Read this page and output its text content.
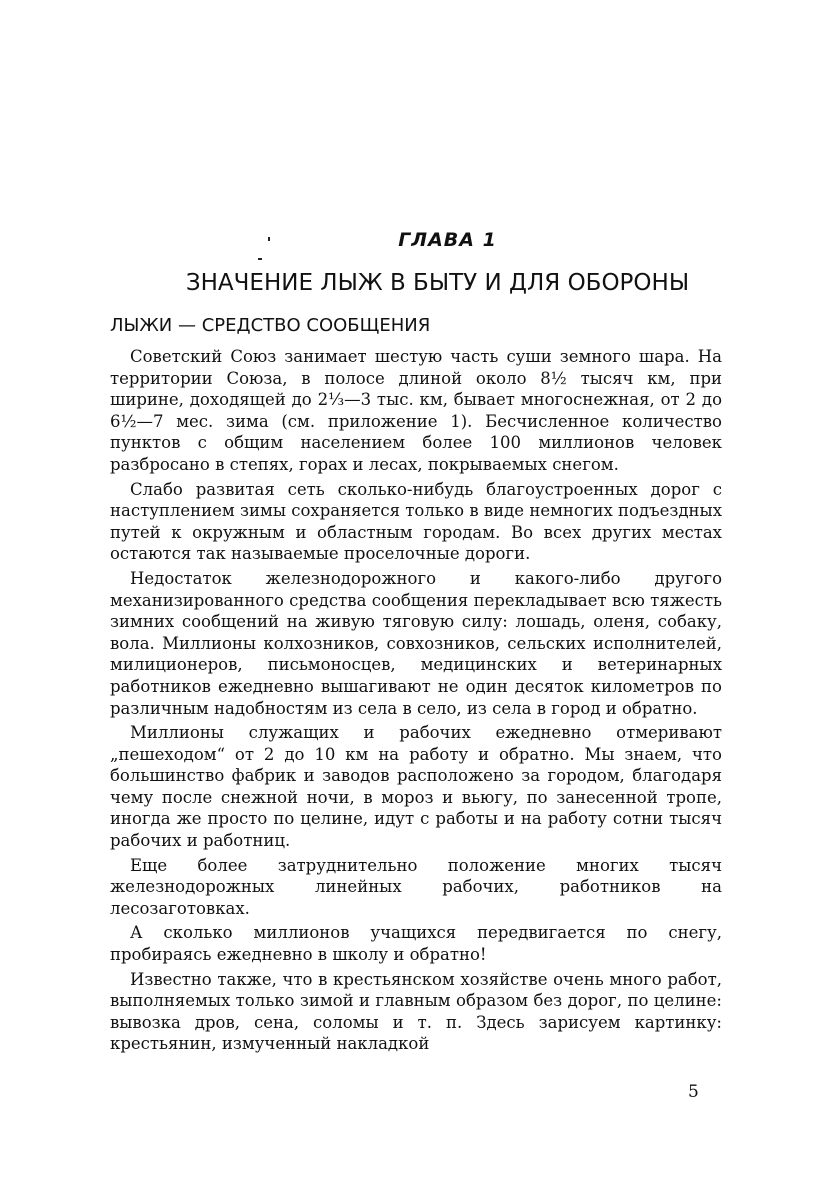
ГЛАВА 1
ЗНАЧЕНИЕ ЛЫЖ В БЫТУ И ДЛЯ ОБОРОНЫ
ЛЫЖИ — СРЕДСТВО СООБЩЕНИЯ

Советский Союз занимает шестую часть суши земного шара. На территории Союза, в полосе длиной около 8½ тысяч км, при ширине, доходящей до 2⅓—3 тыс. км, бывает многоснежная, от 2 до 6½—7 мес. зима (см. приложение 1). Бесчисленное количество пунктов с общим населением более 100 миллионов человек разбросано в степях, горах и лесах, покрываемых снегом.

Слабо развитая сеть сколько-нибудь благоустроенных дорог с наступлением зимы сохраняется только в виде немногих подъездных путей к окружным и областным городам. Во всех других местах остаются так называемые проселочные дороги.

Недостаток железнодорожного и какого-либо другого механизированного средства сообщения перекладывает всю тяжесть зимних сообщений на живую тяговую силу: лошадь, оленя, собаку, вола. Миллионы колхозников, совхозников, сельских исполнителей, милиционеров, письмоносцев, медицинских и ветеринарных работников ежедневно вышагивают не один десяток километров по различным надобностям из села в село, из села в город и обратно.

Миллионы служащих и рабочих ежедневно отмеривают „пешеходом“ от 2 до 10 км на работу и обратно. Мы знаем, что большинство фабрик и заводов расположено за городом, благодаря чему после снежной ночи, в мороз и вьюгу, по занесенной тропе, иногда же просто по целине, идут с работы и на работу сотни тысяч рабочих и работниц.

Еще более затруднительно положение многих тысяч железнодорожных линейных рабочих, работников на лесозаготовках.

А сколько миллионов учащихся передвигается по снегу, пробираясь ежедневно в школу и обратно!

Известно также, что в крестьянском хозяйстве очень много работ, выполняемых только зимой и главным образом без дорог, по целине: вывозка дров, сена, соломы и т. п. Здесь зарисуем картинку: крестьянин, измученный накладкой

5
